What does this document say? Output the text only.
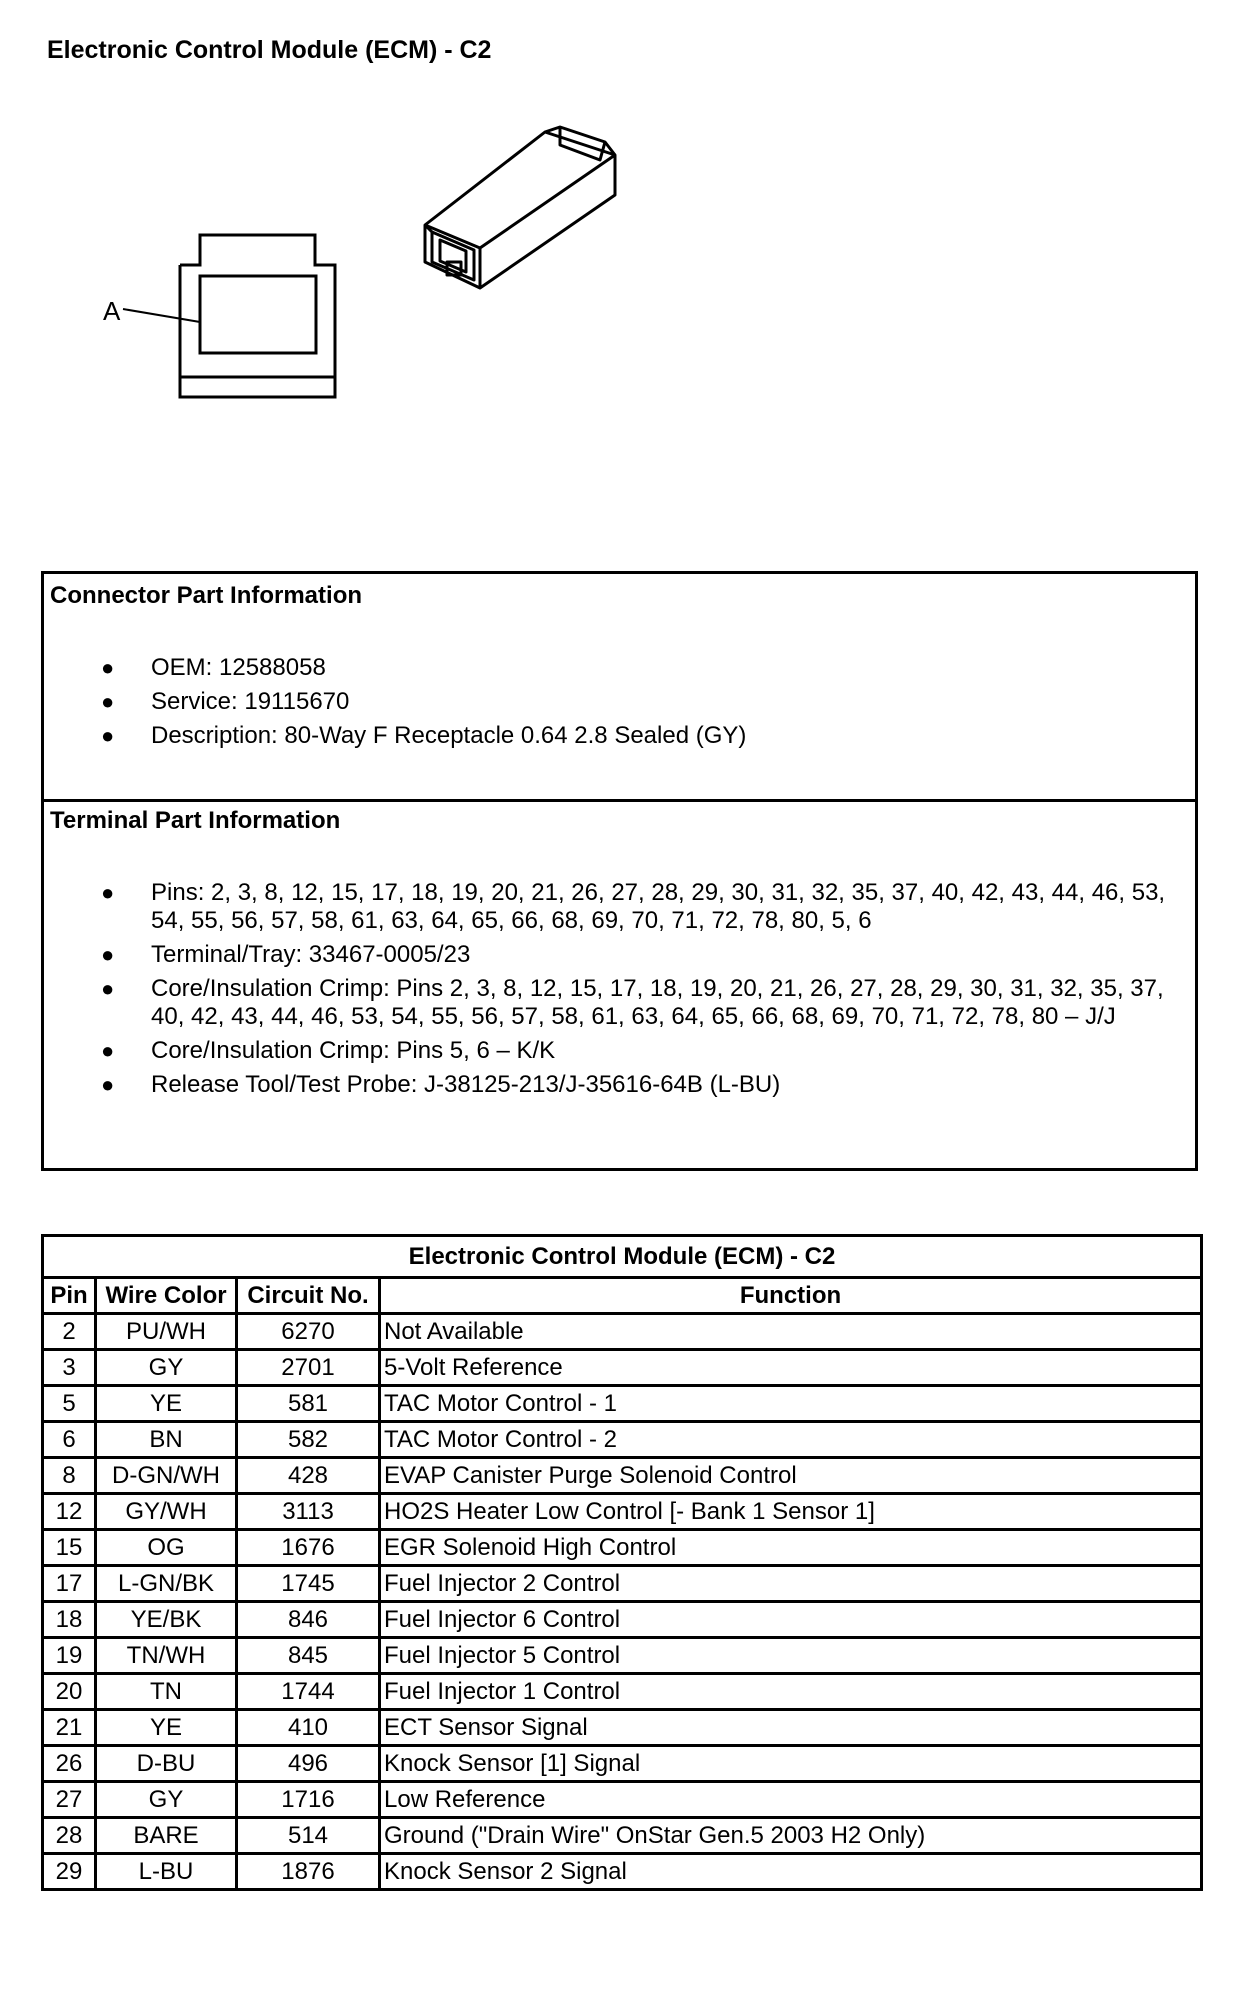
Electronic Control Module (ECM) - C2
A
Connector Part Information
● OEM: 12588058
● Service: 19115670
● Description: 80-Way F Receptacle 0.64 2.8 Sealed (GY)
Terminal Part Information
● Pins: 2, 3, 8, 12, 15, 17, 18, 19, 20, 21, 26, 27, 28, 29, 30, 31, 32, 35, 37, 40, 42, 43, 44, 46, 53, 54, 55, 56, 57, 58, 61, 63, 64, 65, 66, 68, 69, 70, 71, 72, 78, 80, 5, 6
● Terminal/Tray: 33467-0005/23
● Core/Insulation Crimp: Pins 2, 3, 8, 12, 15, 17, 18, 19, 20, 21, 26, 27, 28, 29, 30, 31, 32, 35, 37, 40, 42, 43, 44, 46, 53, 54, 55, 56, 57, 58, 61, 63, 64, 65, 66, 68, 69, 70, 71, 72, 78, 80 – J/J
● Core/Insulation Crimp: Pins 5, 6 – K/K
● Release Tool/Test Probe: J-38125-213/J-35616-64B (L-BU)
Electronic Control Module (ECM) - C2			
Pin	Wire Color	Circuit No.	Function
2	PU/WH	6270	Not Available
3	GY	2701	5-Volt Reference
5	YE	581	TAC Motor Control - 1
6	BN	582	TAC Motor Control - 2
8	D-GN/WH	428	EVAP Canister Purge Solenoid Control
12	GY/WH	3113	HO2S Heater Low Control [- Bank 1 Sensor 1]
15	OG	1676	EGR Solenoid High Control
17	L-GN/BK	1745	Fuel Injector 2 Control
18	YE/BK	846	Fuel Injector 6 Control
19	TN/WH	845	Fuel Injector 5 Control
20	TN	1744	Fuel Injector 1 Control
21	YE	410	ECT Sensor Signal
26	D-BU	496	Knock Sensor [1] Signal
27	GY	1716	Low Reference
28	BARE	514	Ground ("Drain Wire" OnStar Gen.5 2003 H2 Only)
29	L-BU	1876	Knock Sensor 2 Signal
